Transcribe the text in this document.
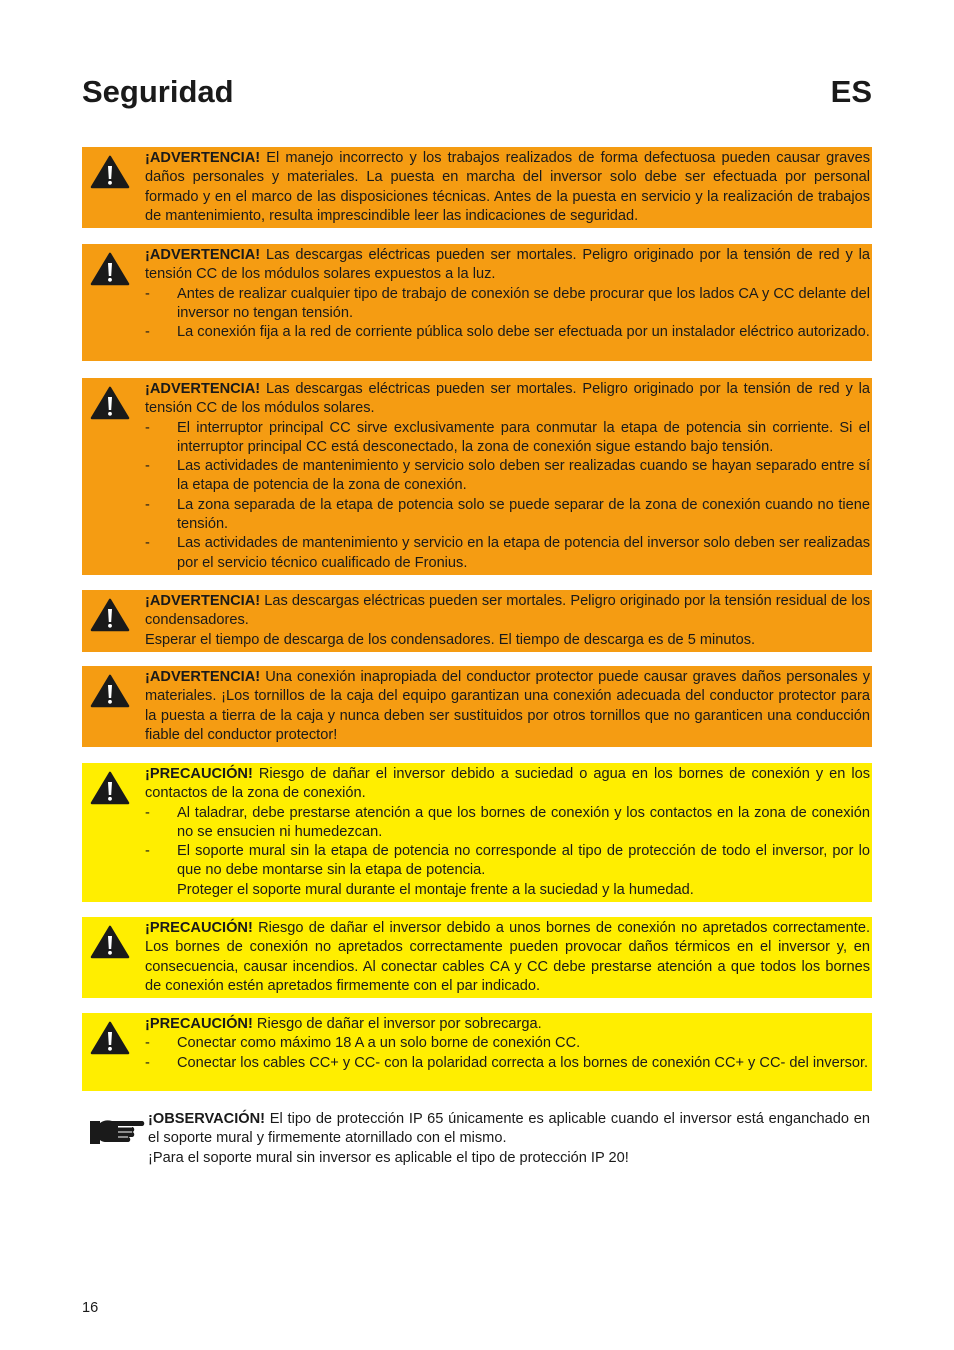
Seguridad	ES

¡ADVERTENCIA! El manejo incorrecto y los trabajos realizados de forma defectuosa pueden causar graves daños personales y materiales. La puesta en marcha del inversor solo debe ser efectuada por personal formado y en el marco de las disposiciones técnicas. Antes de la puesta en servicio y la realización de trabajos de mantenimiento, resulta imprescindible leer las indicaciones de seguridad.

¡ADVERTENCIA! Las descargas eléctricas pueden ser mortales. Peligro originado por la tensión de red y la tensión CC de los módulos solares expuestos a la luz.

- Antes de realizar cualquier tipo de trabajo de conexión se debe procurar que los lados CA y CC delante del inversor no tengan tensión.
- La conexión fija a la red de corriente pública solo debe ser efectuada por un instalador eléctrico autorizado.

¡ADVERTENCIA! Las descargas eléctricas pueden ser mortales. Peligro originado por la tensión de red y la tensión CC de los módulos solares.

- El interruptor principal CC sirve exclusivamente para conmutar la etapa de potencia sin corriente. Si el interruptor principal CC está desconectado, la zona de conexión sigue estando bajo tensión.
- Las actividades de mantenimiento y servicio solo deben ser realizadas cuando se hayan separado entre sí la etapa de potencia de la zona de conexión.
- La zona separada de la etapa de potencia solo se puede separar de la zona de conexión cuando no tiene tensión.
- Las actividades de mantenimiento y servicio en la etapa de potencia del inversor solo deben ser realizadas por el servicio técnico cualificado de Fronius.

¡ADVERTENCIA! Las descargas eléctricas pueden ser mortales. Peligro originado por la tensión residual de los condensadores.

Esperar el tiempo de descarga de los condensadores. El tiempo de descarga es de 5 minutos.

¡ADVERTENCIA! Una conexión inapropiada del conductor protector puede causar graves daños personales y materiales. ¡Los tornillos de la caja del equipo garantizan una conexión adecuada del conductor protector para la puesta a tierra de la caja y nunca deben ser sustituidos por otros tornillos que no garanticen una conducción fiable del conductor protector!

¡PRECAUCIÓN! Riesgo de dañar el inversor debido a suciedad o agua en los bornes de conexión y en los contactos de la zona de conexión.

- Al taladrar, debe prestarse atención a que los bornes de conexión y los contactos en la zona de conexión no se ensucien ni humedezcan.
- El soporte mural sin la etapa de potencia no corresponde al tipo de protección de todo el inversor, por lo que no debe montarse sin la etapa de potencia.
Proteger el soporte mural durante el montaje frente a la suciedad y la humedad.

¡PRECAUCIÓN! Riesgo de dañar el inversor debido a unos bornes de conexión no apretados correctamente. Los bornes de conexión no apretados correctamente pueden provocar daños térmicos en el inversor y, en consecuencia, causar incendios. Al conectar cables CA y CC debe prestarse atención a que todos los bornes de conexión estén apretados firmemente con el par indicado.

¡PRECAUCIÓN! Riesgo de dañar el inversor por sobrecarga.

- Conectar como máximo 18 A a un solo borne de conexión CC.
- Conectar los cables CC+ y CC- con la polaridad correcta a los bornes de conexión CC+ y CC- del inversor.

¡OBSERVACIÓN! El tipo de protección IP 65 únicamente es aplicable cuando el inversor está enganchado en el soporte mural y firmemente atornillado con el mismo.

¡Para el soporte mural sin inversor es aplicable el tipo de protección IP 20!

16
